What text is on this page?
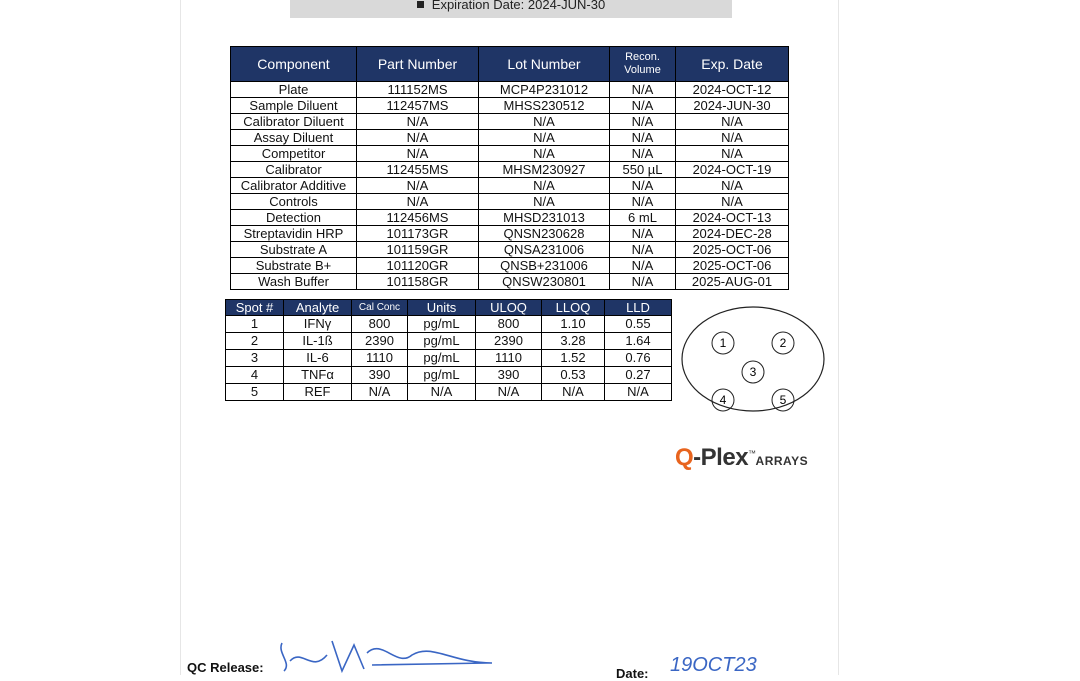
Expiration Date: 2024-JUN-30
Component	Part Number	Lot Number	Recon. Volume	Exp. Date
Plate	111152MS	MCP4P231012	N/A	2024-OCT-12
Sample Diluent	112457MS	MHSS230512	N/A	2024-JUN-30
Calibrator Diluent	N/A	N/A	N/A	N/A
Assay Diluent	N/A	N/A	N/A	N/A
Competitor	N/A	N/A	N/A	N/A
Calibrator	112455MS	MHSM230927	550 µL	2024-OCT-19
Calibrator Additive	N/A	N/A	N/A	N/A
Controls	N/A	N/A	N/A	N/A
Detection	112456MS	MHSD231013	6 mL	2024-OCT-13
Streptavidin HRP	101173GR	QNSN230628	N/A	2024-DEC-28
Substrate A	101159GR	QNSA231006	N/A	2025-OCT-06
Substrate B+	101120GR	QNSB+231006	N/A	2025-OCT-06
Wash Buffer	101158GR	QNSW230801	N/A	2025-AUG-01
Spot #	Analyte	Cal Conc	Units	ULOQ	LLOQ	LLD
1	IFNγ	800	pg/mL	800	1.10	0.55
2	IL-1ß	2390	pg/mL	2390	3.28	1.64
3	IL-6	1110	pg/mL	1110	1.52	0.76
4	TNFα	390	pg/mL	390	0.53	0.27
5	REF	N/A	N/A	N/A	N/A	N/A
1	2
3
4	5
Q-Plex™ARRAYS
QC Release:	Date: 19OCT23
